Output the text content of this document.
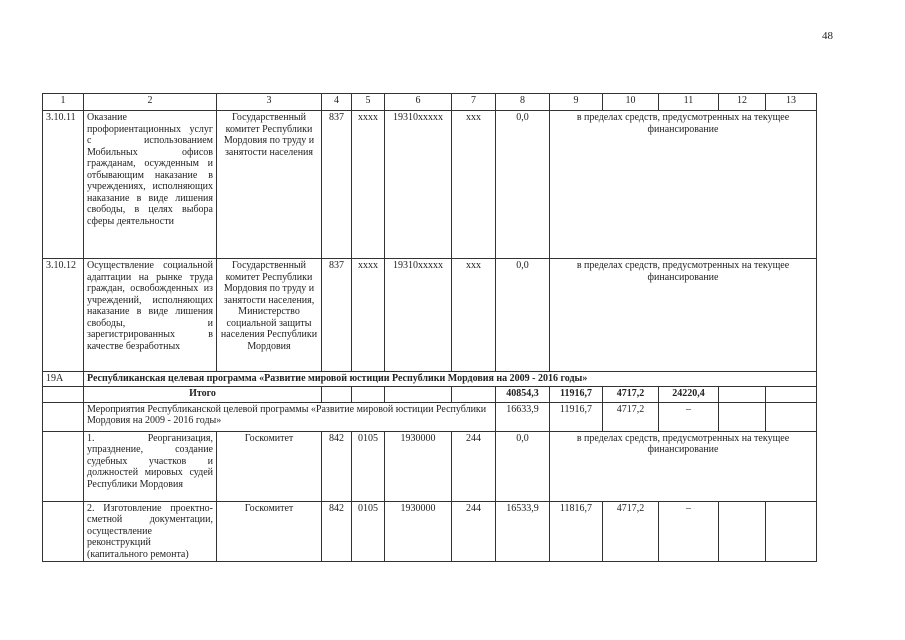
48
1	2	3	4	5	6	7	8	9	10	11	12	13
3.10.11	Оказание профориентационных услуг с использованием Мобильных офисов гражданам, осужденным и отбывающим наказание в учреждениях, исполняющих наказание в виде лишения свободы, в целях выбора сферы деятельности	Государственный комитет Республики Мордовия по труду и занятости населения	837	хххх	19310ххххх	ххх	0,0	в пределах средств, предусмотренных на текущее финансирование				
3.10.12	Осуществление социальной адаптации на рынке труда граждан, освобожденных из учреждений, исполняющих наказание в виде лишения свободы, и зарегистрированных в качестве безработных	Государственный комитет Республики Мордовия по труду и занятости населения, Министерство социальной защиты населения Республики Мордовия	837	хххх	19310ххххх	ххх	0,0	в пределах средств, предусмотренных на текущее финансирование				
19А	Республиканская целевая программа «Развитие мировой юстиции Республики Мордовия на 2009 - 2016 годы»											
	Итого						40854,3	11916,7	4717,2	24220,4		
	Мероприятия Республиканской целевой программы «Развитие мировой юстиции Республики Мордовия на 2009 - 2016 годы»						16633,9	11916,7	4717,2	–		
	1. Реорганизация, упразднение, создание судебных участков и должностей мировых судей Республики Мордовия	Госкомитет	842	0105	1930000	244	0,0	в пределах средств, предусмотренных на текущее финансирование				
	2. Изготовление проектно-сметной документации, осуществление реконструкций (капитального ремонта)	Госкомитет	842	0105	1930000	244	16533,9	11816,7	4717,2	–		
